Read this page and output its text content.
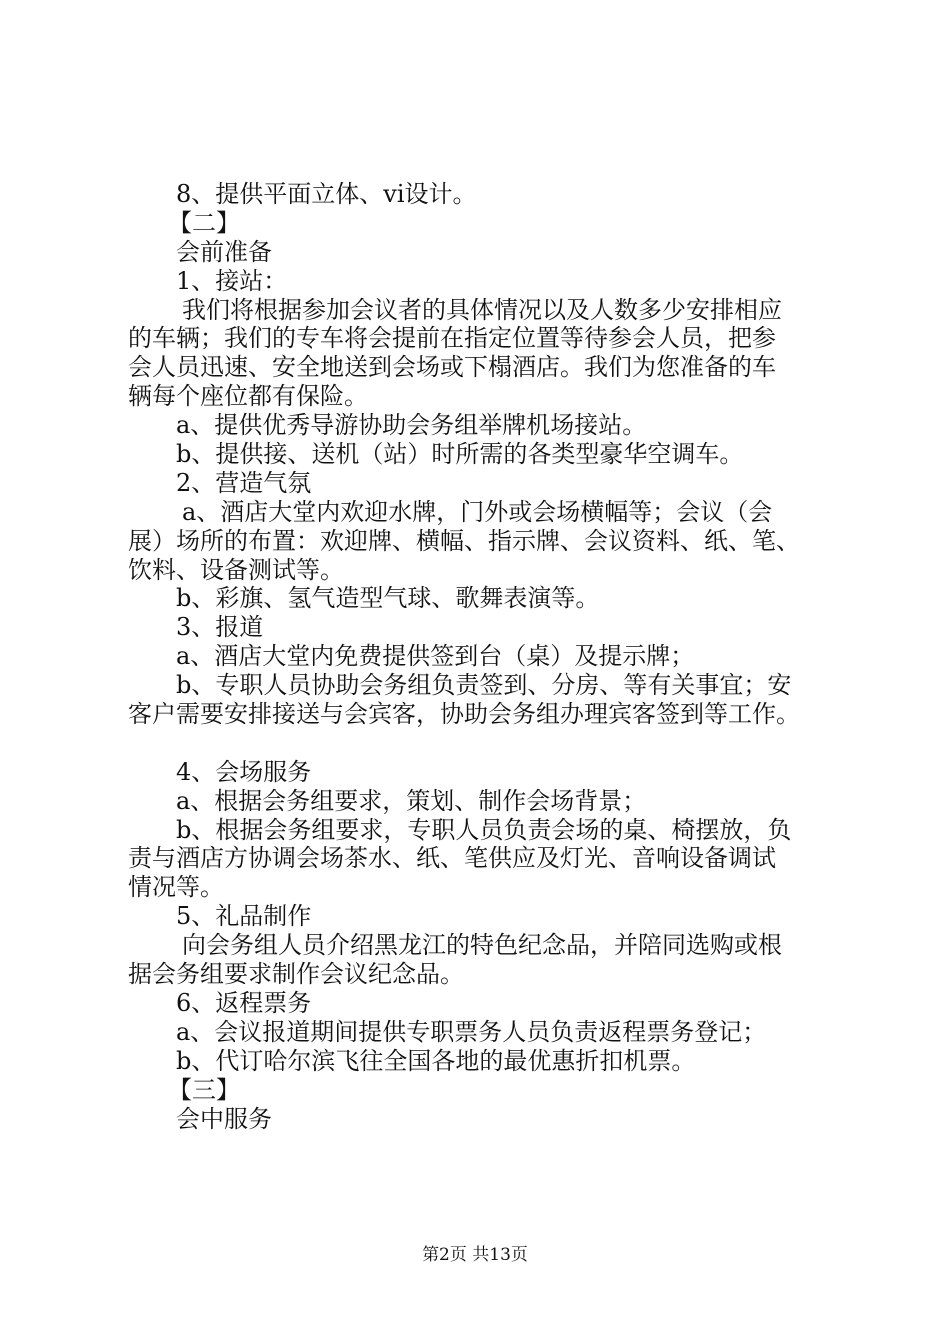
8、提供平面立体、vi设计。

【二】

会前准备

1、接站：

我们将根据参加会议者的具体情况以及人数多少安排相应

的车辆；我们的专车将会提前在指定位置等待参会人员，把参

会人员迅速、安全地送到会场或下榻酒店。我们为您准备的车

辆每个座位都有保险。

a、提供优秀导游协助会务组举牌机场接站。

b、提供接、送机（站）时所需的各类型豪华空调车。

2、营造气氛

a、酒店大堂内欢迎水牌，门外或会场横幅等；会议（会

展）场所的布置：欢迎牌、横幅、指示牌、会议资料、纸、笔、

饮料、设备测试等。

b、彩旗、氢气造型气球、歌舞表演等。

3、报道

a、酒店大堂内免费提供签到台（桌）及提示牌；

b、专职人员协助会务组负责签到、分房、等有关事宜；安

客户需要安排接送与会宾客，协助会务组办理宾客签到等工作。

4、会场服务

a、根据会务组要求，策划、制作会场背景；

b、根据会务组要求，专职人员负责会场的桌、椅摆放，负

责与酒店方协调会场茶水、纸、笔供应及灯光、音响设备调试

情况等。

5、礼品制作

向会务组人员介绍黑龙江的特色纪念品，并陪同选购或根

据会务组要求制作会议纪念品。

6、返程票务

a、会议报道期间提供专职票务人员负责返程票务登记；

b、代订哈尔滨飞往全国各地的最优惠折扣机票。

【三】

会中服务

第2页 共13页
